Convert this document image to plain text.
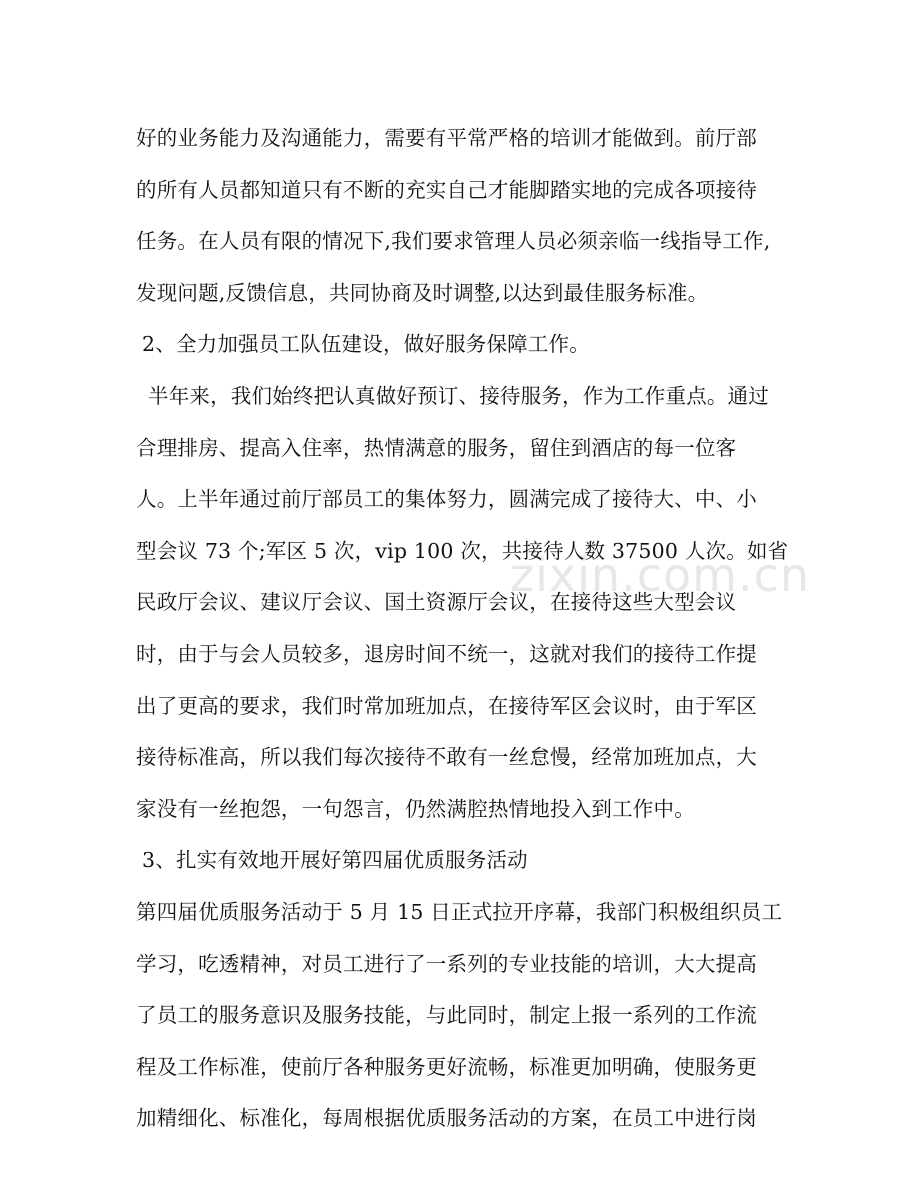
zixin.com.cn
好的业务能力及沟通能力，需要有平常严格的培训才能做到。前厅部
的所有人员都知道只有不断的充实自己才能脚踏实地的完成各项接待
任务。在人员有限的情况下,我们要求管理人员必须亲临一线指导工作,
发现问题,反馈信息，共同协商及时调整,以达到最佳服务标准。
2、全力加强员工队伍建设，做好服务保障工作。
半年来，我们始终把认真做好预订、接待服务，作为工作重点。通过
合理排房、提高入住率，热情满意的服务，留住到酒店的每一位客
人。上半年通过前厅部员工的集体努力，圆满完成了接待大、中、小
型会议 73 个;军区 5 次，vip 100 次，共接待人数 37500 人次。如省
民政厅会议、建议厅会议、国土资源厅会议，在接待这些大型会议
时，由于与会人员较多，退房时间不统一，这就对我们的接待工作提
出了更高的要求，我们时常加班加点，在接待军区会议时，由于军区
接待标准高，所以我们每次接待不敢有一丝怠慢，经常加班加点，大
家没有一丝抱怨，一句怨言，仍然满腔热情地投入到工作中。
3、扎实有效地开展好第四届优质服务活动
第四届优质服务活动于 5 月 15 日正式拉开序幕，我部门积极组织员工
学习，吃透精神，对员工进行了一系列的专业技能的培训，大大提高
了员工的服务意识及服务技能，与此同时，制定上报一系列的工作流
程及工作标准，使前厅各种服务更好流畅，标准更加明确，使服务更
加精细化、标准化，每周根据优质服务活动的方案，在员工中进行岗
